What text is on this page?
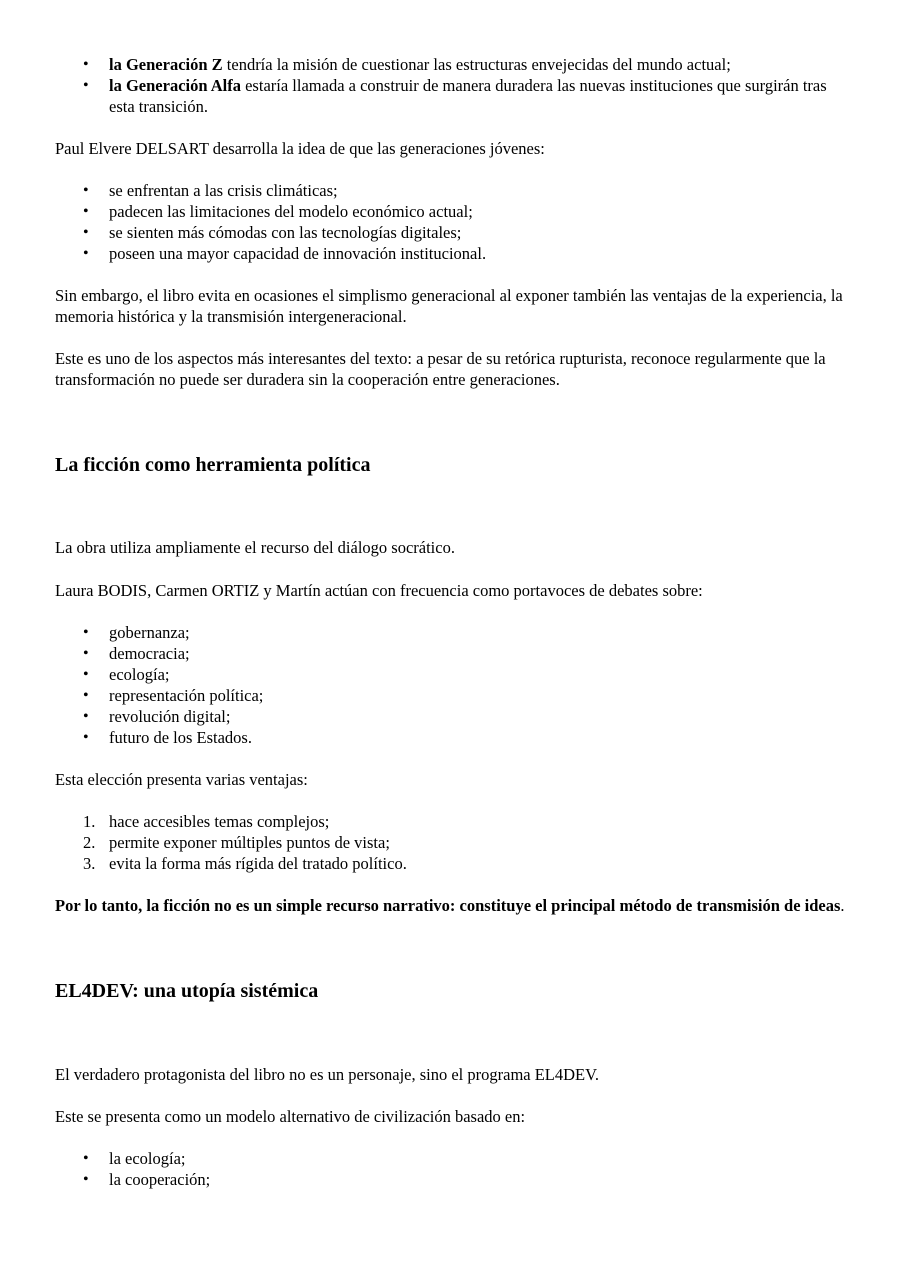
• la Generación Z tendría la misión de cuestionar las estructuras envejecidas del mundo actual;
• la Generación Alfa estaría llamada a construir de manera duradera las nuevas instituciones que surgirán tras esta transición.

Paul Elvere DELSART desarrolla la idea de que las generaciones jóvenes:

• se enfrentan a las crisis climáticas;
• padecen las limitaciones del modelo económico actual;
• se sienten más cómodas con las tecnologías digitales;
• poseen una mayor capacidad de innovación institucional.

Sin embargo, el libro evita en ocasiones el simplismo generacional al exponer también las ventajas de la experiencia, la memoria histórica y la transmisión intergeneracional.

Este es uno de los aspectos más interesantes del texto: a pesar de su retórica rupturista, reconoce regularmente que la transformación no puede ser duradera sin la cooperación entre generaciones.

La ficción como herramienta política

La obra utiliza ampliamente el recurso del diálogo socrático.

Laura BODIS, Carmen ORTIZ y Martín actúan con frecuencia como portavoces de debates sobre:

• gobernanza;
• democracia;
• ecología;
• representación política;
• revolución digital;
• futuro de los Estados.

Esta elección presenta varias ventajas:

1. hace accesibles temas complejos;
2. permite exponer múltiples puntos de vista;
3. evita la forma más rígida del tratado político.

Por lo tanto, la ficción no es un simple recurso narrativo: constituye el principal método de transmisión de ideas.

EL4DEV: una utopía sistémica

El verdadero protagonista del libro no es un personaje, sino el programa EL4DEV.

Este se presenta como un modelo alternativo de civilización basado en:

• la ecología;
• la cooperación;
